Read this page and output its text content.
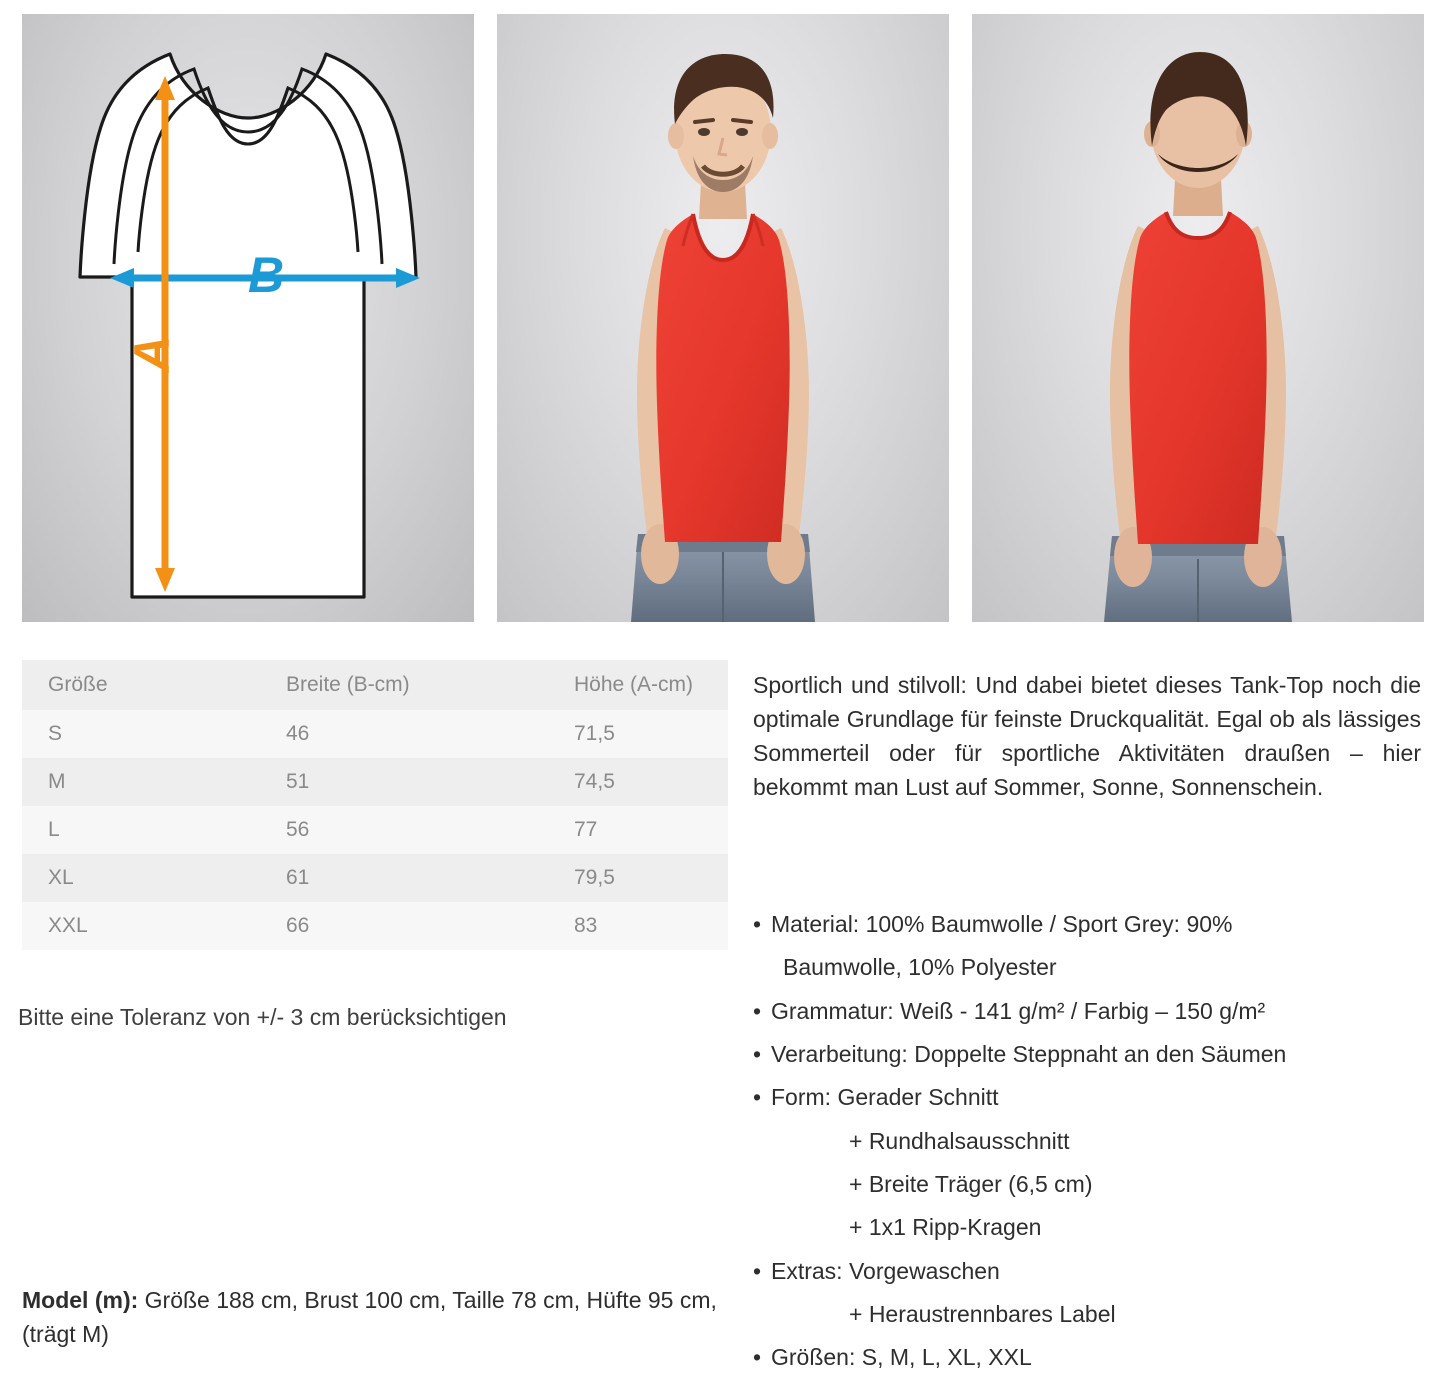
B
A
Größe	Breite (B-cm)	Höhe (A-cm)
S	46	71,5
M	51	74,5
L	56	77
XL	61	79,5
XXL	66	83
Bitte eine Toleranz von +/- 3 cm berücksichtigen
Model (m): Größe 188 cm, Brust 100 cm, Taille 78 cm, Hüfte 95 cm, (trägt M)
Sportlich und stilvoll: Und dabei bietet dieses Tank-Top noch die optimale Grundlage für feinste Druckqualität. Egal ob als lässiges Sommerteil oder für sportliche Aktivitäten draußen – hier bekommt man Lust auf Sommer, Sonne, Sonnenschein.
• Material: 100% Baumwolle / Sport Grey: 90%
Baumwolle, 10% Polyester
• Grammatur: Weiß - 141 g/m² / Farbig – 150 g/m²
• Verarbeitung: Doppelte Steppnaht an den Säumen
• Form: Gerader Schnitt
+ Rundhalsausschnitt
+ Breite Träger (6,5 cm)
+ 1x1 Ripp-Kragen
• Extras: Vorgewaschen
+ Heraustrennbares Label
• Größen: S, M, L, XL, XXL
